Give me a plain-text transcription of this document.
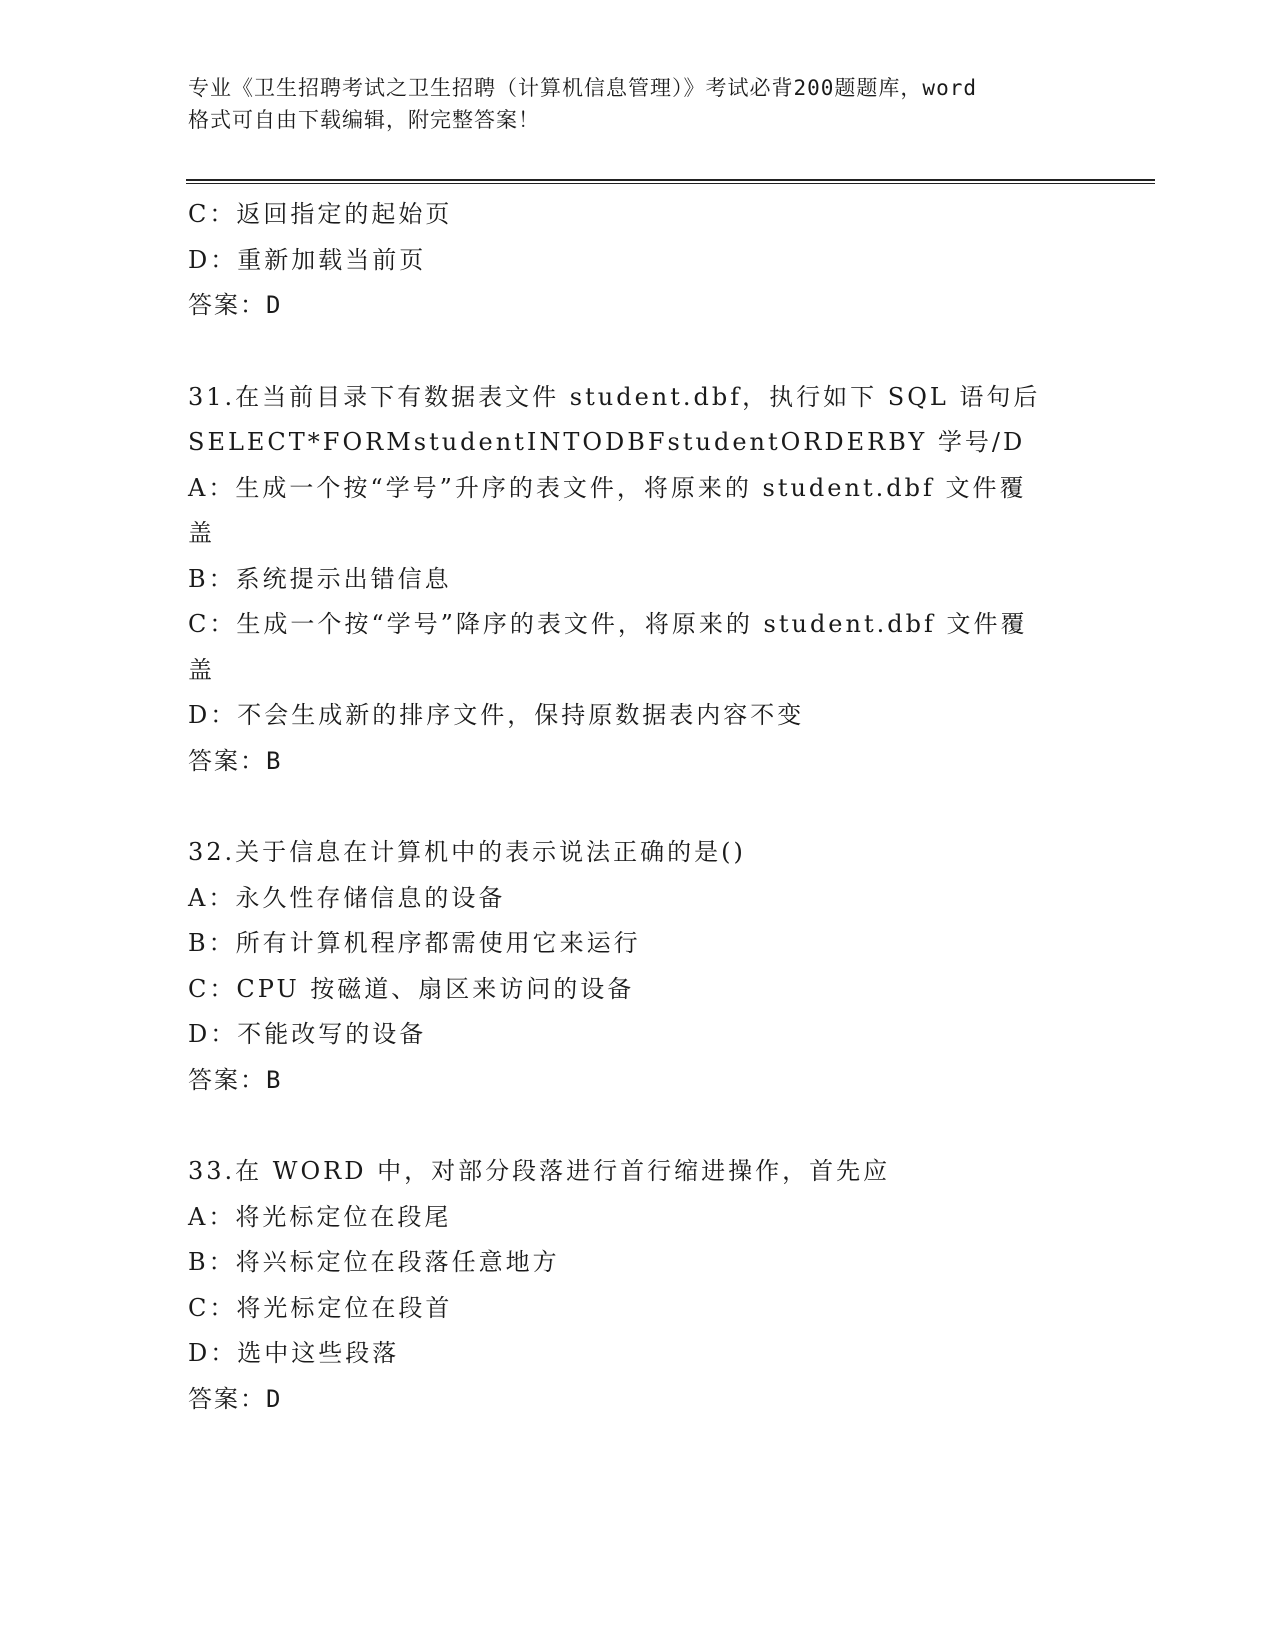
专业《卫生招聘考试之卫生招聘（计算机信息管理）》考试必背200题题库，word
格式可自由下载编辑，附完整答案！
C：返回指定的起始页
D：重新加载当前页
答案：D
31.在当前目录下有数据表文件 student.dbf，执行如下 SQL 语句后
SELECT*FORMstudentINTODBFstudentORDERBY 学号/D
A：生成一个按“学号”升序的表文件，将原来的 student.dbf 文件覆
盖
B：系统提示出错信息
C：生成一个按“学号”降序的表文件，将原来的 student.dbf 文件覆
盖
D：不会生成新的排序文件，保持原数据表内容不变
答案：B
32.关于信息在计算机中的表示说法正确的是()
A：永久性存储信息的设备
B：所有计算机程序都需使用它来运行
C：CPU 按磁道、扇区来访问的设备
D：不能改写的设备
答案：B
33.在 WORD 中，对部分段落进行首行缩进操作，首先应
A：将光标定位在段尾
B：将兴标定位在段落任意地方
C：将光标定位在段首
D：选中这些段落
答案：D
